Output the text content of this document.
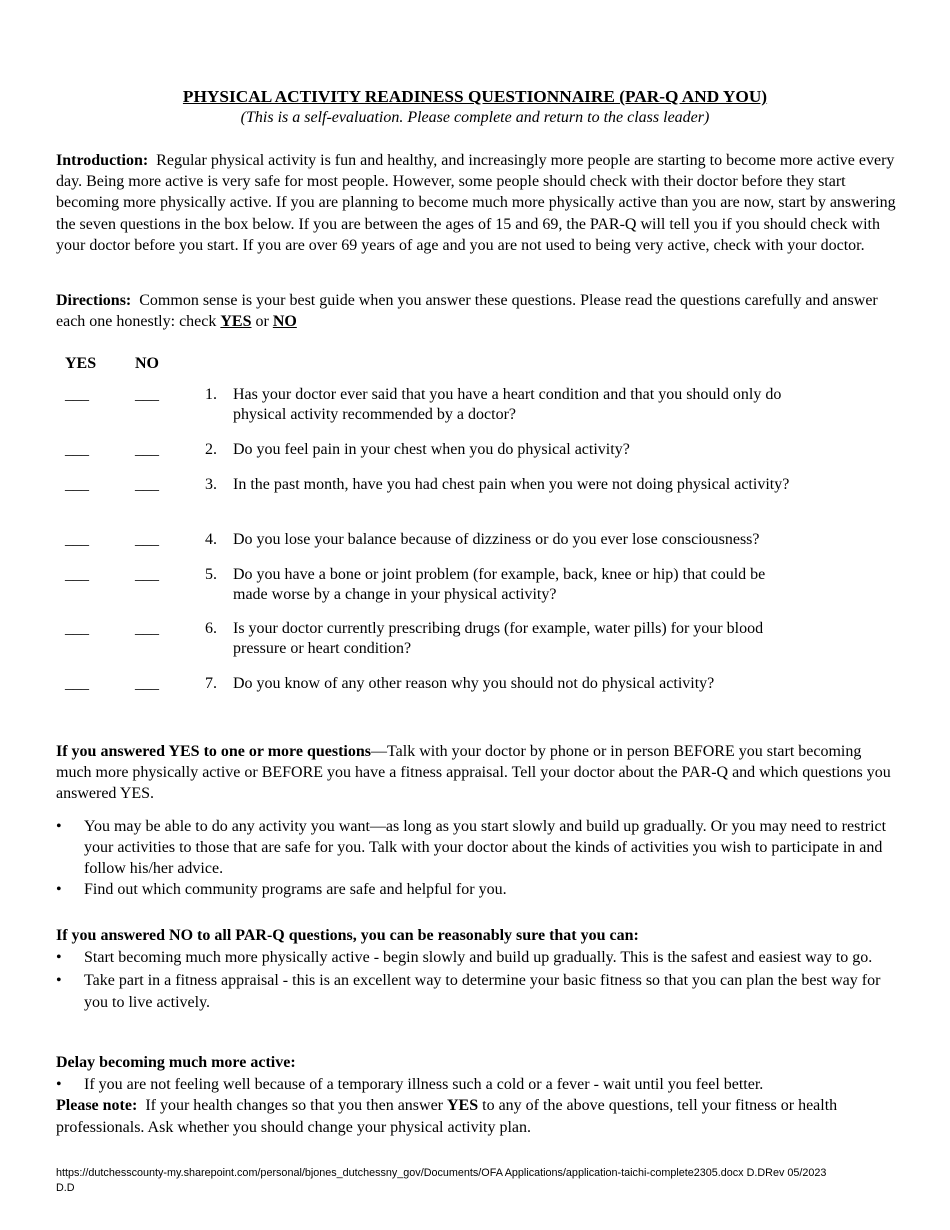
PHYSICAL ACTIVITY READINESS QUESTIONNAIRE (PAR-Q AND YOU)
(This is a self-evaluation. Please complete and return to the class leader)
Introduction: Regular physical activity is fun and healthy, and increasingly more people are starting to become more active every day. Being more active is very safe for most people. However, some people should check with their doctor before they start becoming more physically active. If you are planning to become much more physically active than you are now, start by answering the seven questions in the box below. If you are between the ages of 15 and 69, the PAR-Q will tell you if you should check with your doctor before you start. If you are over 69 years of age and you are not used to being very active, check with your doctor.
Directions: Common sense is your best guide when you answer these questions. Please read the questions carefully and answer each one honestly: check YES or NO
YES NO
___	___	1. Has your doctor ever said that you have a heart condition and that you should only do physical activity recommended by a doctor?
___	___	2. Do you feel pain in your chest when you do physical activity?
___	___	3. In the past month, have you had chest pain when you were not doing physical activity?
___	___	4. Do you lose your balance because of dizziness or do you ever lose consciousness?
___	___	5. Do you have a bone or joint problem (for example, back, knee or hip) that could be made worse by a change in your physical activity?
___	___	6. Is your doctor currently prescribing drugs (for example, water pills) for your blood pressure or heart condition?
___	___	7. Do you know of any other reason why you should not do physical activity?
If you answered YES to one or more questions—Talk with your doctor by phone or in person BEFORE you start becoming much more physically active or BEFORE you have a fitness appraisal. Tell your doctor about the PAR-Q and which questions you answered YES.
• You may be able to do any activity you want—as long as you start slowly and build up gradually. Or you may need to restrict your activities to those that are safe for you. Talk with your doctor about the kinds of activities you wish to participate in and follow his/her advice.
• Find out which community programs are safe and helpful for you.
If you answered NO to all PAR-Q questions, you can be reasonably sure that you can:
• Start becoming much more physically active - begin slowly and build up gradually. This is the safest and easiest way to go.
• Take part in a fitness appraisal - this is an excellent way to determine your basic fitness so that you can plan the best way for you to live actively.
Delay becoming much more active:
• If you are not feeling well because of a temporary illness such a cold or a fever - wait until you feel better.
Please note: If your health changes so that you then answer YES to any of the above questions, tell your fitness or health professionals. Ask whether you should change your physical activity plan.
https://dutchesscounty-my.sharepoint.com/personal/bjones_dutchessny_gov/Documents/OFA Applications/application-taichi-complete2305.docx D.DRev 05/2023
D.D
